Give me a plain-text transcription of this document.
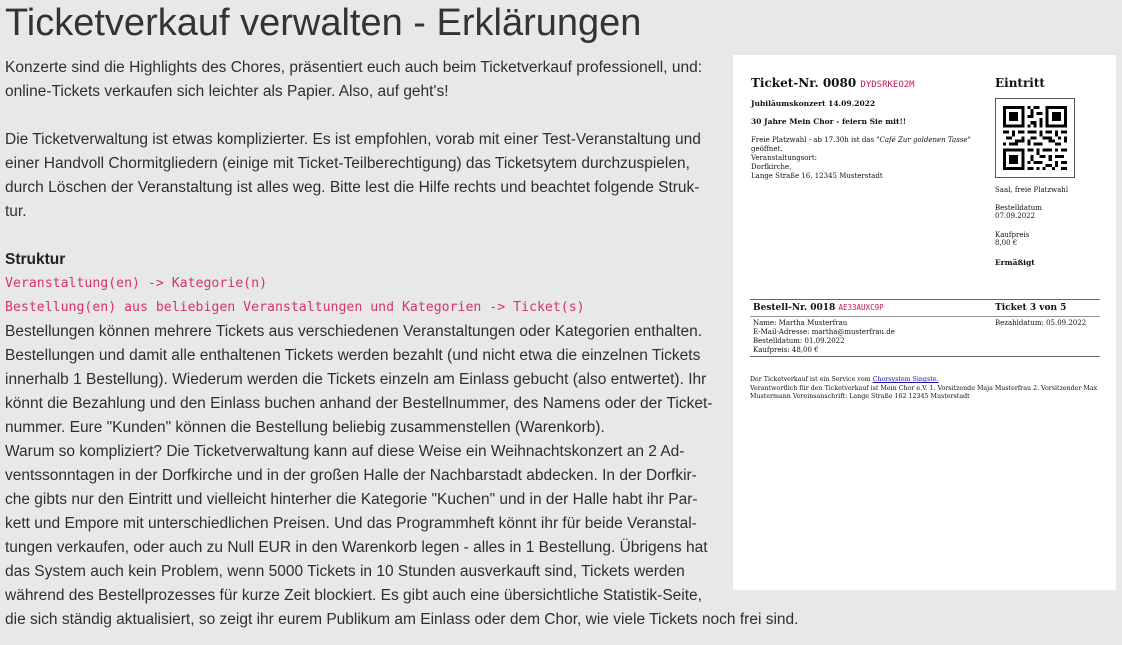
Ticketverkauf verwalten - Erklärungen

Konzerte sind die Highlights des Chores, präsentiert euch auch beim Ticketverkauf professionell, und:

online-Tickets verkaufen sich leichter als Papier. Also, auf geht's!

Die Ticketverwaltung ist etwas komplizierter. Es ist empfohlen, vorab mit einer Test-Veranstaltung und

einer Handvoll Chormitgliedern (einige mit Ticket-Teilberechtigung) das Ticketsytem durchzuspielen,

durch Löschen der Veranstaltung ist alles weg. Bitte lest die Hilfe rechts und beachtet folgende Struk-

tur.

Struktur
Veranstaltung(en) -> Kategorie(n)
Bestellung(en) aus beliebigen Veranstaltungen und Kategorien -> Ticket(s)

Bestellungen können mehrere Tickets aus verschiedenen Veranstaltungen oder Kategorien enthalten.

Bestellungen und damit alle enthaltenen Tickets werden bezahlt (und nicht etwa die einzelnen Tickets

innerhalb 1 Bestellung). Wiederum werden die Tickets einzeln am Einlass gebucht (also entwertet). Ihr

könnt die Bezahlung und den Einlass buchen anhand der Bestellnummer, des Namens oder der Ticket-

nummer. Eure "Kunden" können die Bestellung beliebig zusammenstellen (Warenkorb).

Warum so kompliziert? Die Ticketverwaltung kann auf diese Weise ein Weihnachtskonzert an 2 Ad-

ventssonntagen in der Dorfkirche und in der großen Halle der Nachbarstadt abdecken. In der Dorfkir-

che gibts nur den Eintritt und vielleicht hinterher die Kategorie "Kuchen" und in der Halle habt ihr Par-

kett und Empore mit unterschiedlichen Preisen. Und das Programmheft könnt ihr für beide Veranstal-

tungen verkaufen, oder auch zu Null EUR in den Warenkorb legen - alles in 1 Bestellung. Übrigens hat

das System auch kein Problem, wenn 5000 Tickets in 10 Stunden ausverkauft sind, Tickets werden

während des Bestellprozesses für kurze Zeit blockiert. Es gibt auch eine übersichtliche Statistik-Seite,

die sich ständig aktualisiert, so zeigt ihr eurem Publikum am Einlass oder dem Chor, wie viele Tickets noch frei sind.
Ticket-Nr. 0080 DYDSRKEO2M	Eintritt
Jubiläumskonzert 14.09.2022
30 Jahre Mein Chor - feiern Sie mit!!
Freie Platzwahl - ab 17.30h ist das "Café Zur goldenen Tasse"
geöffnet.
Veranstaltungsort:
Dorfkirche,
Lange Straße 16, 12345 Musterstadt
Saal, freie Platzwahl
Bestelldatum
07.09.2022
Kaufpreis
8,00 €
Ermäßigt
Bestell-Nr. 0018 AE33AUXC9P	Ticket 3 von 5
Name: Martha Musterfrau
E-Mail-Adresse: martha@musterfrau.de
Bestelldatum: 01.09.2022
Kaufpreis: 48,00 €
Bezahldatum: 05.09.2022
Der Ticketverkauf ist ein Service vom Chorsystem Singste.
Verantwortlich für den Ticketverkauf ist Mein Chor e.V. 1. Vorsitzende Maja Musterfrau 2. Vorsitzender Max
Mustermann Vereinsanschrift: Lange Straße 162 12345 Musterstadt
